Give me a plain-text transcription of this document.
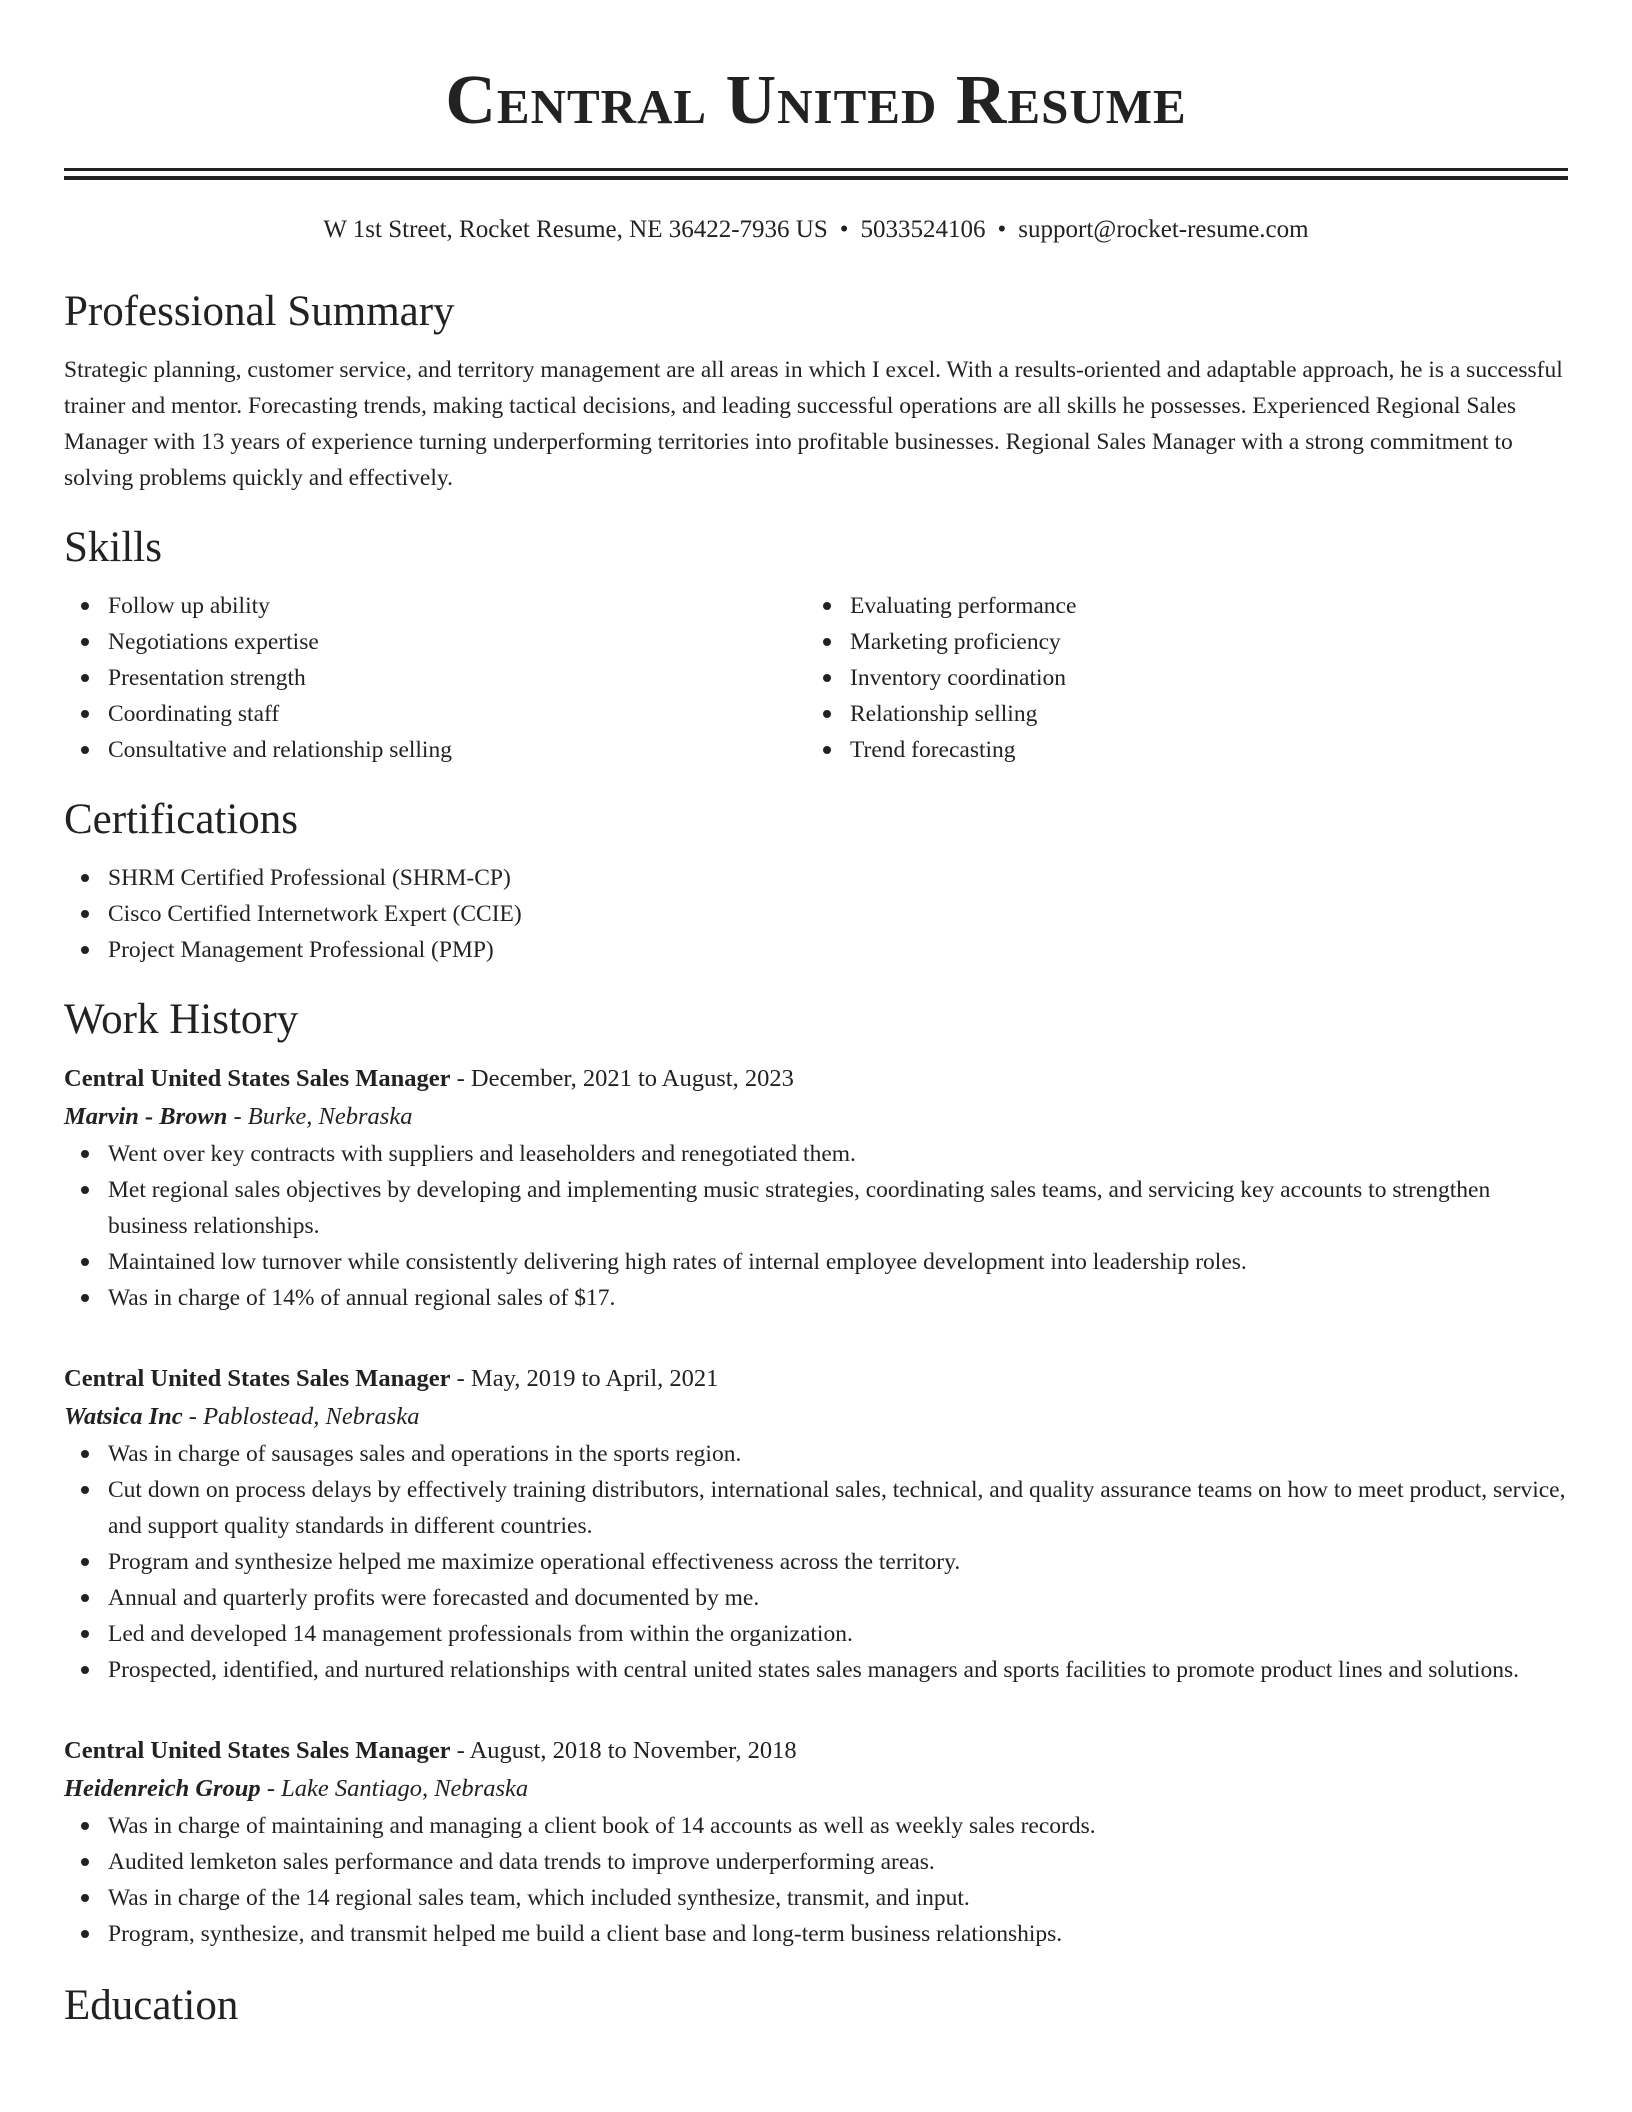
Central United Resume
W 1st Street, Rocket Resume, NE 36422-7936 US • 5033524106 • support@rocket-resume.com
Professional Summary
Strategic planning, customer service, and territory management are all areas in which I excel. With a results-oriented and adaptable approach, he is a successful trainer and mentor. Forecasting trends, making tactical decisions, and leading successful operations are all skills he possesses. Experienced Regional Sales Manager with 13 years of experience turning underperforming territories into profitable businesses. Regional Sales Manager with a strong commitment to solving problems quickly and effectively.
Skills
Follow up ability
Negotiations expertise
Presentation strength
Coordinating staff
Consultative and relationship selling
Evaluating performance
Marketing proficiency
Inventory coordination
Relationship selling
Trend forecasting
Certifications
SHRM Certified Professional (SHRM-CP)
Cisco Certified Internetwork Expert (CCIE)
Project Management Professional (PMP)
Work History
Central United States Sales Manager - December, 2021 to August, 2023
Marvin - Brown - Burke, Nebraska
Went over key contracts with suppliers and leaseholders and renegotiated them.
Met regional sales objectives by developing and implementing music strategies, coordinating sales teams, and servicing key accounts to strengthen business relationships.
Maintained low turnover while consistently delivering high rates of internal employee development into leadership roles.
Was in charge of 14% of annual regional sales of $17.
Central United States Sales Manager - May, 2019 to April, 2021
Watsica Inc - Pablostead, Nebraska
Was in charge of sausages sales and operations in the sports region.
Cut down on process delays by effectively training distributors, international sales, technical, and quality assurance teams on how to meet product, service, and support quality standards in different countries.
Program and synthesize helped me maximize operational effectiveness across the territory.
Annual and quarterly profits were forecasted and documented by me.
Led and developed 14 management professionals from within the organization.
Prospected, identified, and nurtured relationships with central united states sales managers and sports facilities to promote product lines and solutions.
Central United States Sales Manager - August, 2018 to November, 2018
Heidenreich Group - Lake Santiago, Nebraska
Was in charge of maintaining and managing a client book of 14 accounts as well as weekly sales records.
Audited lemketon sales performance and data trends to improve underperforming areas.
Was in charge of the 14 regional sales team, which included synthesize, transmit, and input.
Program, synthesize, and transmit helped me build a client base and long-term business relationships.
Education
